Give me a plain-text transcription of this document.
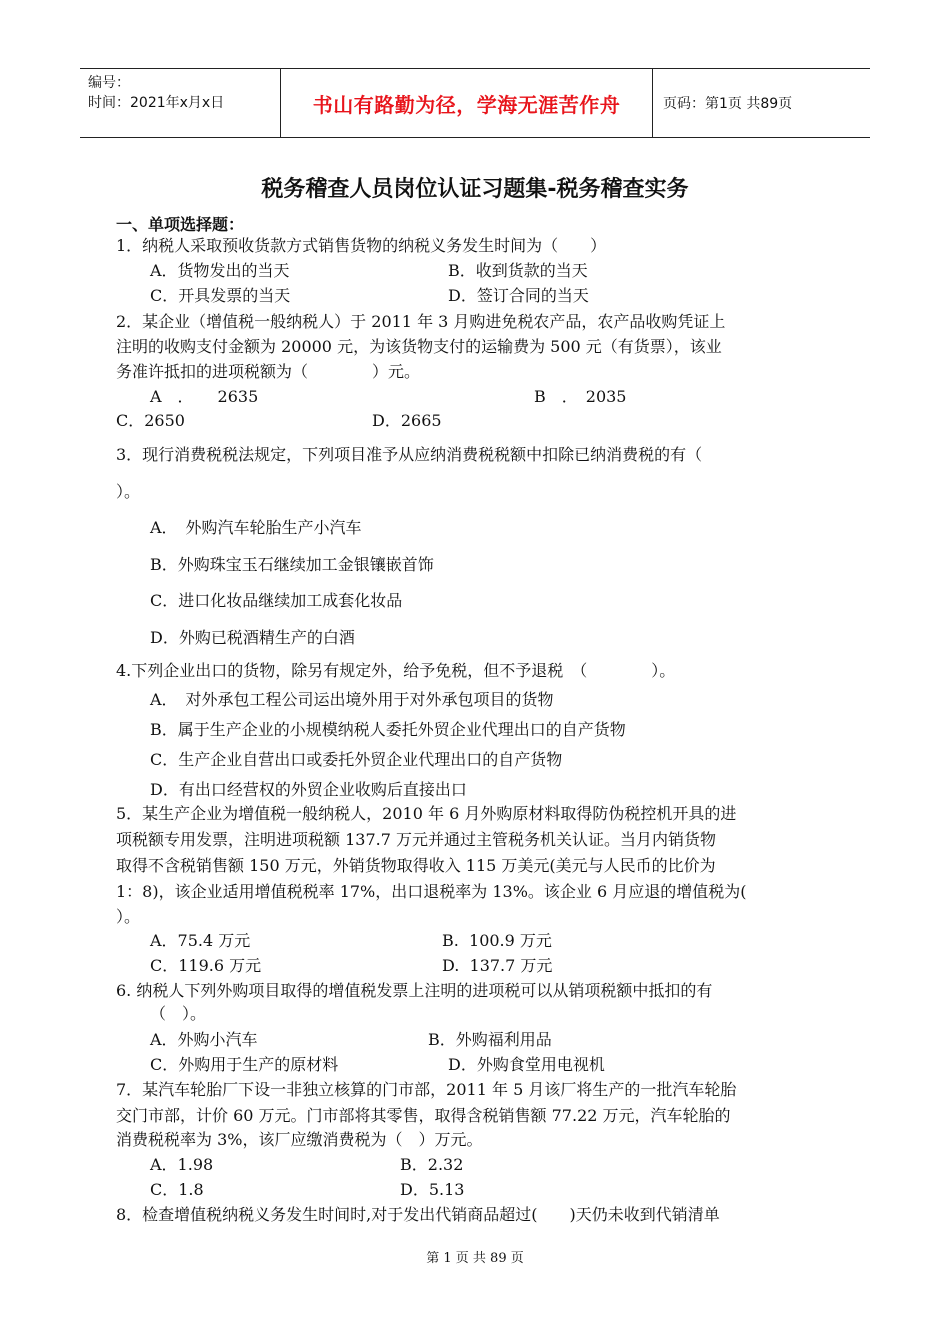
编号：
时间：2021年x月x日	书山有路勤为径，学海无涯苦作舟	页码：第1页 共89页
税务稽查人员岗位认证习题集-税务稽查实务
一、单项选择题：
1．纳税人采取预收货款方式销售货物的纳税义务发生时间为（　　）
A．货物发出的当天	B．收到货款的当天
C．开具发票的当天	D．签订合同的当天
2．某企业（增值税一般纳税人）于 2011 年 3 月购进免税农产品，农产品收购凭证上
注明的收购支付金额为 20000 元，为该货物支付的运输费为 500 元（有货票），该业
务准许抵扣的进项税额为（　　　　）元。
A　．　　2635	B　．　2035
C．2650	D．2665
3．现行消费税税法规定，下列项目准予从应纳消费税税额中扣除已纳消费税的有（
）。
A．　外购汽车轮胎生产小汽车
B．外购珠宝玉石继续加工金银镶嵌首饰
C．进口化妆品继续加工成套化妆品
D．外购已税酒精生产的白酒
4.下列企业出口的货物，除另有规定外，给予免税，但不予退税　（　　　　）。
A．　对外承包工程公司运出境外用于对外承包项目的货物
B．属于生产企业的小规模纳税人委托外贸企业代理出口的自产货物
C．生产企业自营出口或委托外贸企业代理出口的自产货物
D．有出口经营权的外贸企业收购后直接出口
5．某生产企业为增值税一般纳税人，2010 年 6 月外购原材料取得防伪税控机开具的进
项税额专用发票，注明进项税额 137.7 万元并通过主管税务机关认证。当月内销货物
取得不含税销售额 150 万元，外销货物取得收入 115 万美元(美元与人民币的比价为
1：8)，该企业适用增值税税率 17%，出口退税率为 13%。该企业 6 月应退的增值税为(
）。
A．75.4 万元	B.  100.9 万元
C．119.6 万元	D.  137.7 万元
6. 纳税人下列外购项目取得的增值税发票上注明的进项税可以从销项税额中抵扣的有
（　）。
A．外购小汽车	B．外购福利用品
C．外购用于生产的原材料	D．外购食堂用电视机
7．某汽车轮胎厂下设一非独立核算的门市部，2011 年 5 月该厂将生产的一批汽车轮胎
交门市部，计价 60 万元。门市部将其零售，取得含税销售额 77.22 万元，汽车轮胎的
消费税税率为 3%，该厂应缴消费税为（　）万元。
A．1.98	B．2.32
C．1.8	D．5.13
8．检查增值税纳税义务发生时间时,对于发出代销商品超过(　　)天仍未收到代销清单
第 1 页 共 89 页
